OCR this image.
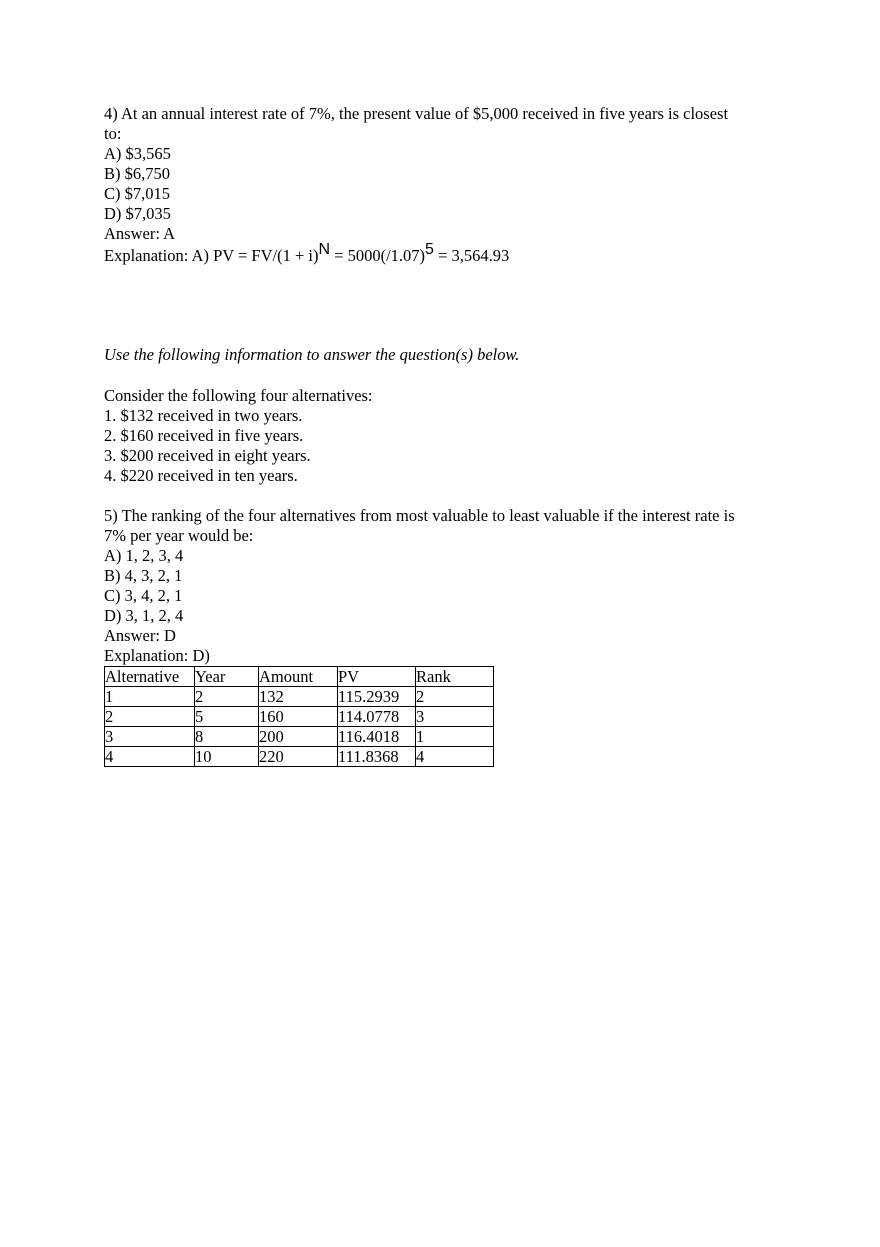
4) At an annual interest rate of 7%, the present value of $5,000 received in five years is closest
to:
A) $3,565
B) $6,750
C) $7,015
D) $7,035
Answer: A
Explanation: A) PV = $FV/(1 + i)^N = 5000(/1.07)^5 = 3,564.93$
Use the following information to answer the question(s) below.
Consider the following four alternatives:
1. $132 received in two years.
2. $160 received in five years.
3. $200 received in eight years.
4. $220 received in ten years.
5) The ranking of the four alternatives from most valuable to least valuable if the interest rate is
7% per year would be:
A) 1, 2, 3, 4
B) 4, 3, 2, 1
C) 3, 4, 2, 1
D) 3, 1, 2, 4
Answer: D
Explanation: D)
Alternative	Year	Amount	PV	Rank
1	2	132	115.2939	2
2	5	160	114.0778	3
3	8	200	116.4018	1
4	10	220	111.8368	4
